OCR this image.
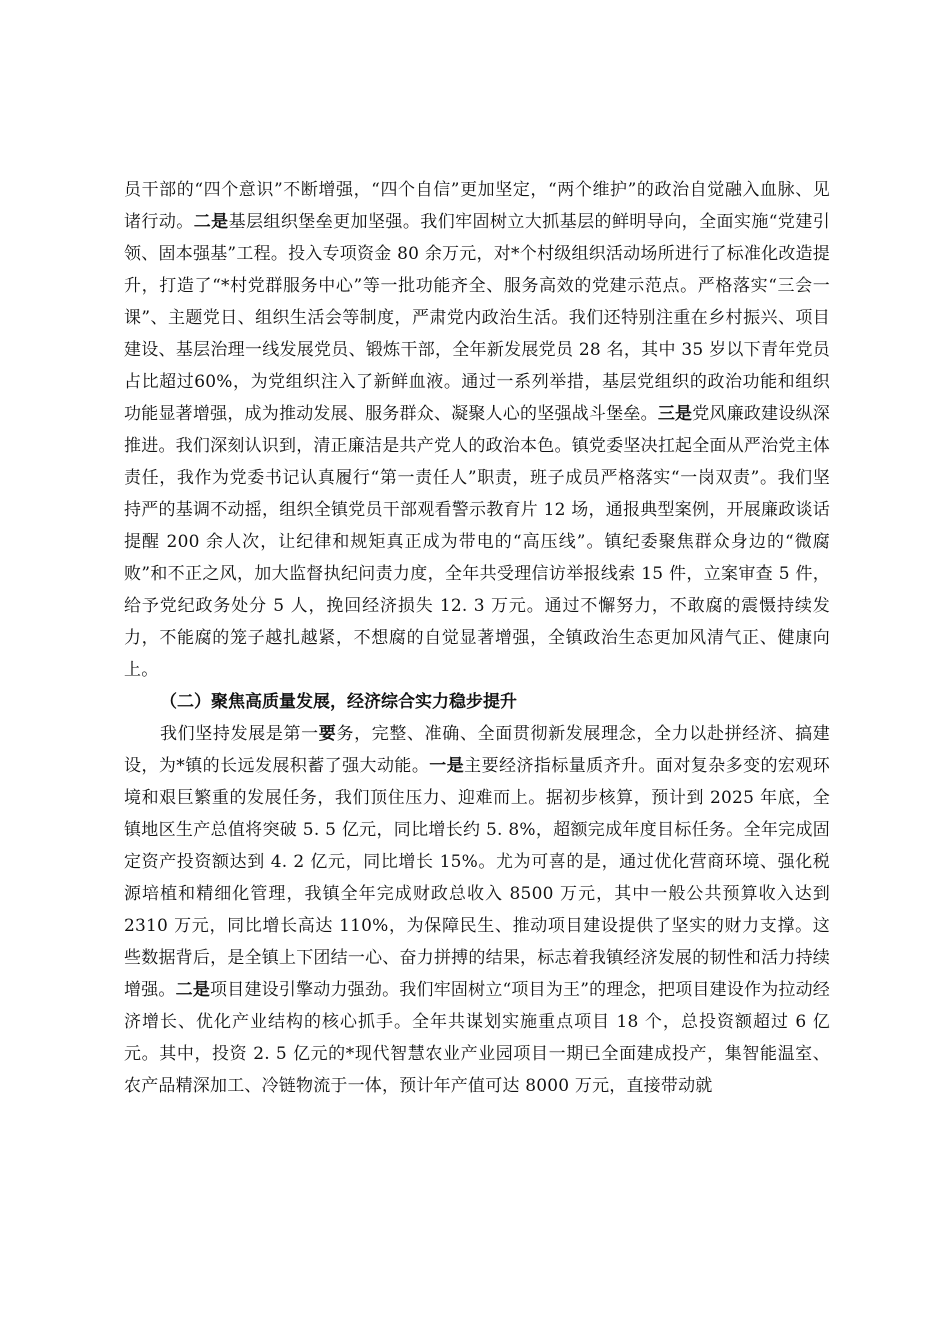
员干部的“四个意识”不断增强，“四个自信”更加坚定，“两个维护”的政治自觉融入血脉、见诸行动。二是基层组织堡垒更加坚强。我们牢固树立大抓基层的鲜明导向，全面实施“党建引领、固本强基”工程。投入专项资金 80 余万元，对*个村级组织活动场所进行了标准化改造提升，打造了“*村党群服务中心”等一批功能齐全、服务高效的党建示范点。严格落实“三会一课”、主题党日、组织生活会等制度，严肃党内政治生活。我们还特别注重在乡村振兴、项目建设、基层治理一线发展党员、锻炼干部，全年新发展党员 28 名，其中 35 岁以下青年党员占比超过60%，为党组织注入了新鲜血液。通过一系列举措，基层党组织的政治功能和组织功能显著增强，成为推动发展、服务群众、凝聚人心的坚强战斗堡垒。三是党风廉政建设纵深推进。我们深刻认识到，清正廉洁是共产党人的政治本色。镇党委坚决扛起全面从严治党主体责任，我作为党委书记认真履行“第一责任人”职责，班子成员严格落实“一岗双责”。我们坚持严的基调不动摇，组织全镇党员干部观看警示教育片 12 场，通报典型案例，开展廉政谈话提醒 200 余人次，让纪律和规矩真正成为带电的“高压线”。镇纪委聚焦群众身边的“微腐败”和不正之风，加大监督执纪问责力度，全年共受理信访举报线索 15 件，立案审查 5 件，给予党纪政务处分 5 人，挽回经济损失 12. 3 万元。通过不懈努力，不敢腐的震慑持续发力，不能腐的笼子越扎越紧，不想腐的自觉显著增强，全镇政治生态更加风清气正、健康向上。

（二）聚焦高质量发展，经济综合实力稳步提升

我们坚持发展是第一要务，完整、准确、全面贯彻新发展理念，全力以赴拼经济、搞建设，为*镇的长远发展积蓄了强大动能。一是主要经济指标量质齐升。面对复杂多变的宏观环境和艰巨繁重的发展任务，我们顶住压力、迎难而上。据初步核算，预计到 2025 年底，全镇地区生产总值将突破 5. 5 亿元，同比增长约 5. 8%，超额完成年度目标任务。全年完成固定资产投资额达到 4. 2 亿元，同比增长 15%。尤为可喜的是，通过优化营商环境、强化税源培植和精细化管理，我镇全年完成财政总收入 8500 万元，其中一般公共预算收入达到 2310 万元，同比增长高达 110%，为保障民生、推动项目建设提供了坚实的财力支撑。这些数据背后，是全镇上下团结一心、奋力拼搏的结果，标志着我镇经济发展的韧性和活力持续增强。二是项目建设引擎动力强劲。我们牢固树立“项目为王”的理念，把项目建设作为拉动经济增长、优化产业结构的核心抓手。全年共谋划实施重点项目 18 个，总投资额超过 6 亿元。其中，投资 2. 5 亿元的*现代智慧农业产业园项目一期已全面建成投产，集智能温室、农产品精深加工、冷链物流于一体，预计年产值可达 8000 万元，直接带动就
